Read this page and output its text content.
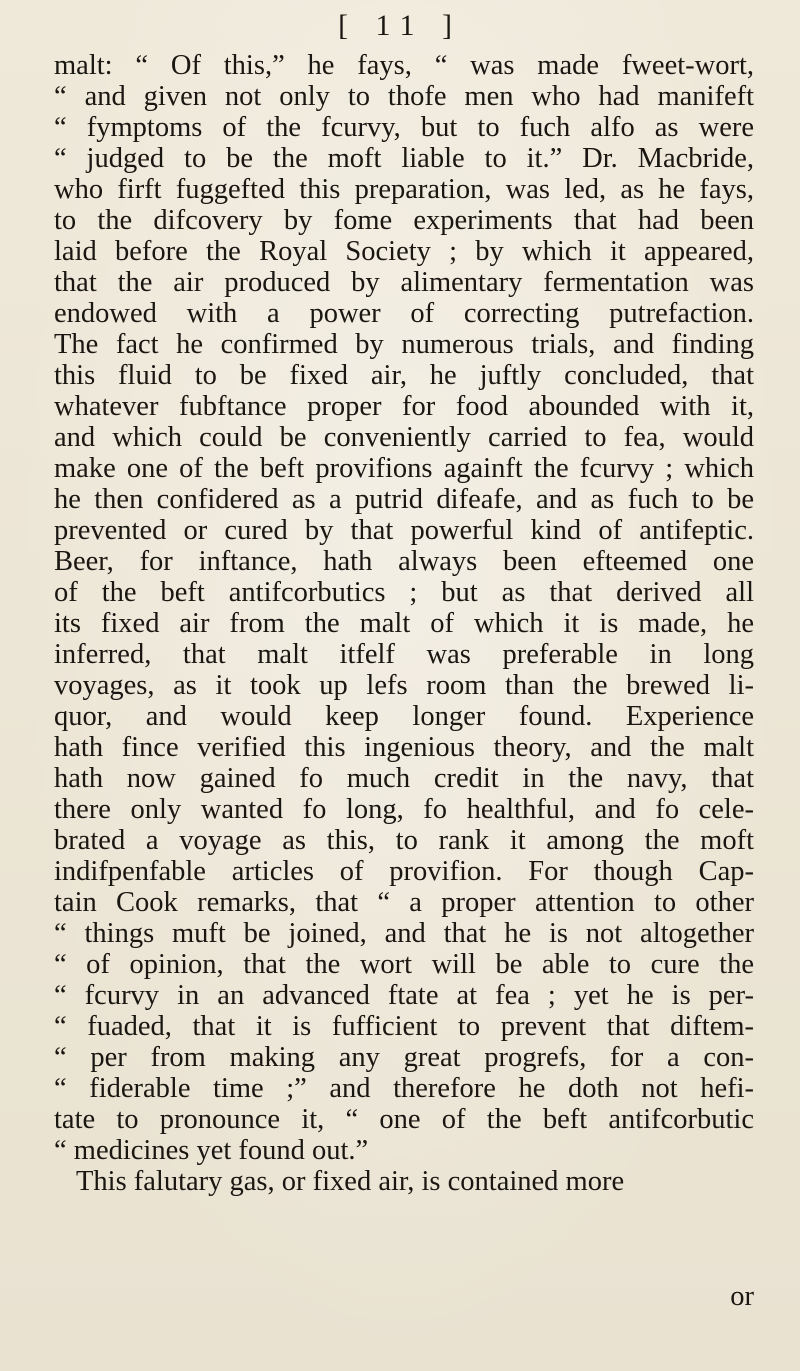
[ 11 ]
malt: “ Of this,” he fays, “ was made fweet-wort,
“ and given not only to thofe men who had manifeft
“ fymptoms of the fcurvy, but to fuch alfo as were
“ judged to be the moft liable to it.” Dr. Macbride,
who firft fuggefted this preparation, was led, as he fays,
to the difcovery by fome experiments that had been
laid before the Royal Society ; by which it appeared,
that the air produced by alimentary fermentation was
endowed with a power of correcting putrefaction.
The fact he confirmed by numerous trials, and finding
this fluid to be fixed air, he juftly concluded, that
whatever fubftance proper for food abounded with it,
and which could be conveniently carried to fea, would
make one of the beft provifions againft the fcurvy ; which
he then confidered as a putrid difeafe, and as fuch to be
prevented or cured by that powerful kind of antifeptic.
Beer, for inftance, hath always been efteemed one
of the beft antifcorbutics ; but as that derived all
its fixed air from the malt of which it is made, he
inferred, that malt itfelf was preferable in long
voyages, as it took up lefs room than the brewed li-
quor, and would keep longer found. Experience
hath fince verified this ingenious theory, and the malt
hath now gained fo much credit in the navy, that
there only wanted fo long, fo healthful, and fo cele-
brated a voyage as this, to rank it among the moft
indifpenfable articles of provifion. For though Cap-
tain Cook remarks, that “ a proper attention to other
“ things muft be joined, and that he is not altogether
“ of opinion, that the wort will be able to cure the
“ fcurvy in an advanced ftate at fea ; yet he is per-
“ fuaded, that it is fufficient to prevent that diftem-
“ per from making any great progrefs, for a con-
“ fiderable time ;” and therefore he doth not hefi-
tate to pronounce it, “ one of the beft antifcorbutic
“ medicines yet found out.”
This falutary gas, or fixed air, is contained more
or
